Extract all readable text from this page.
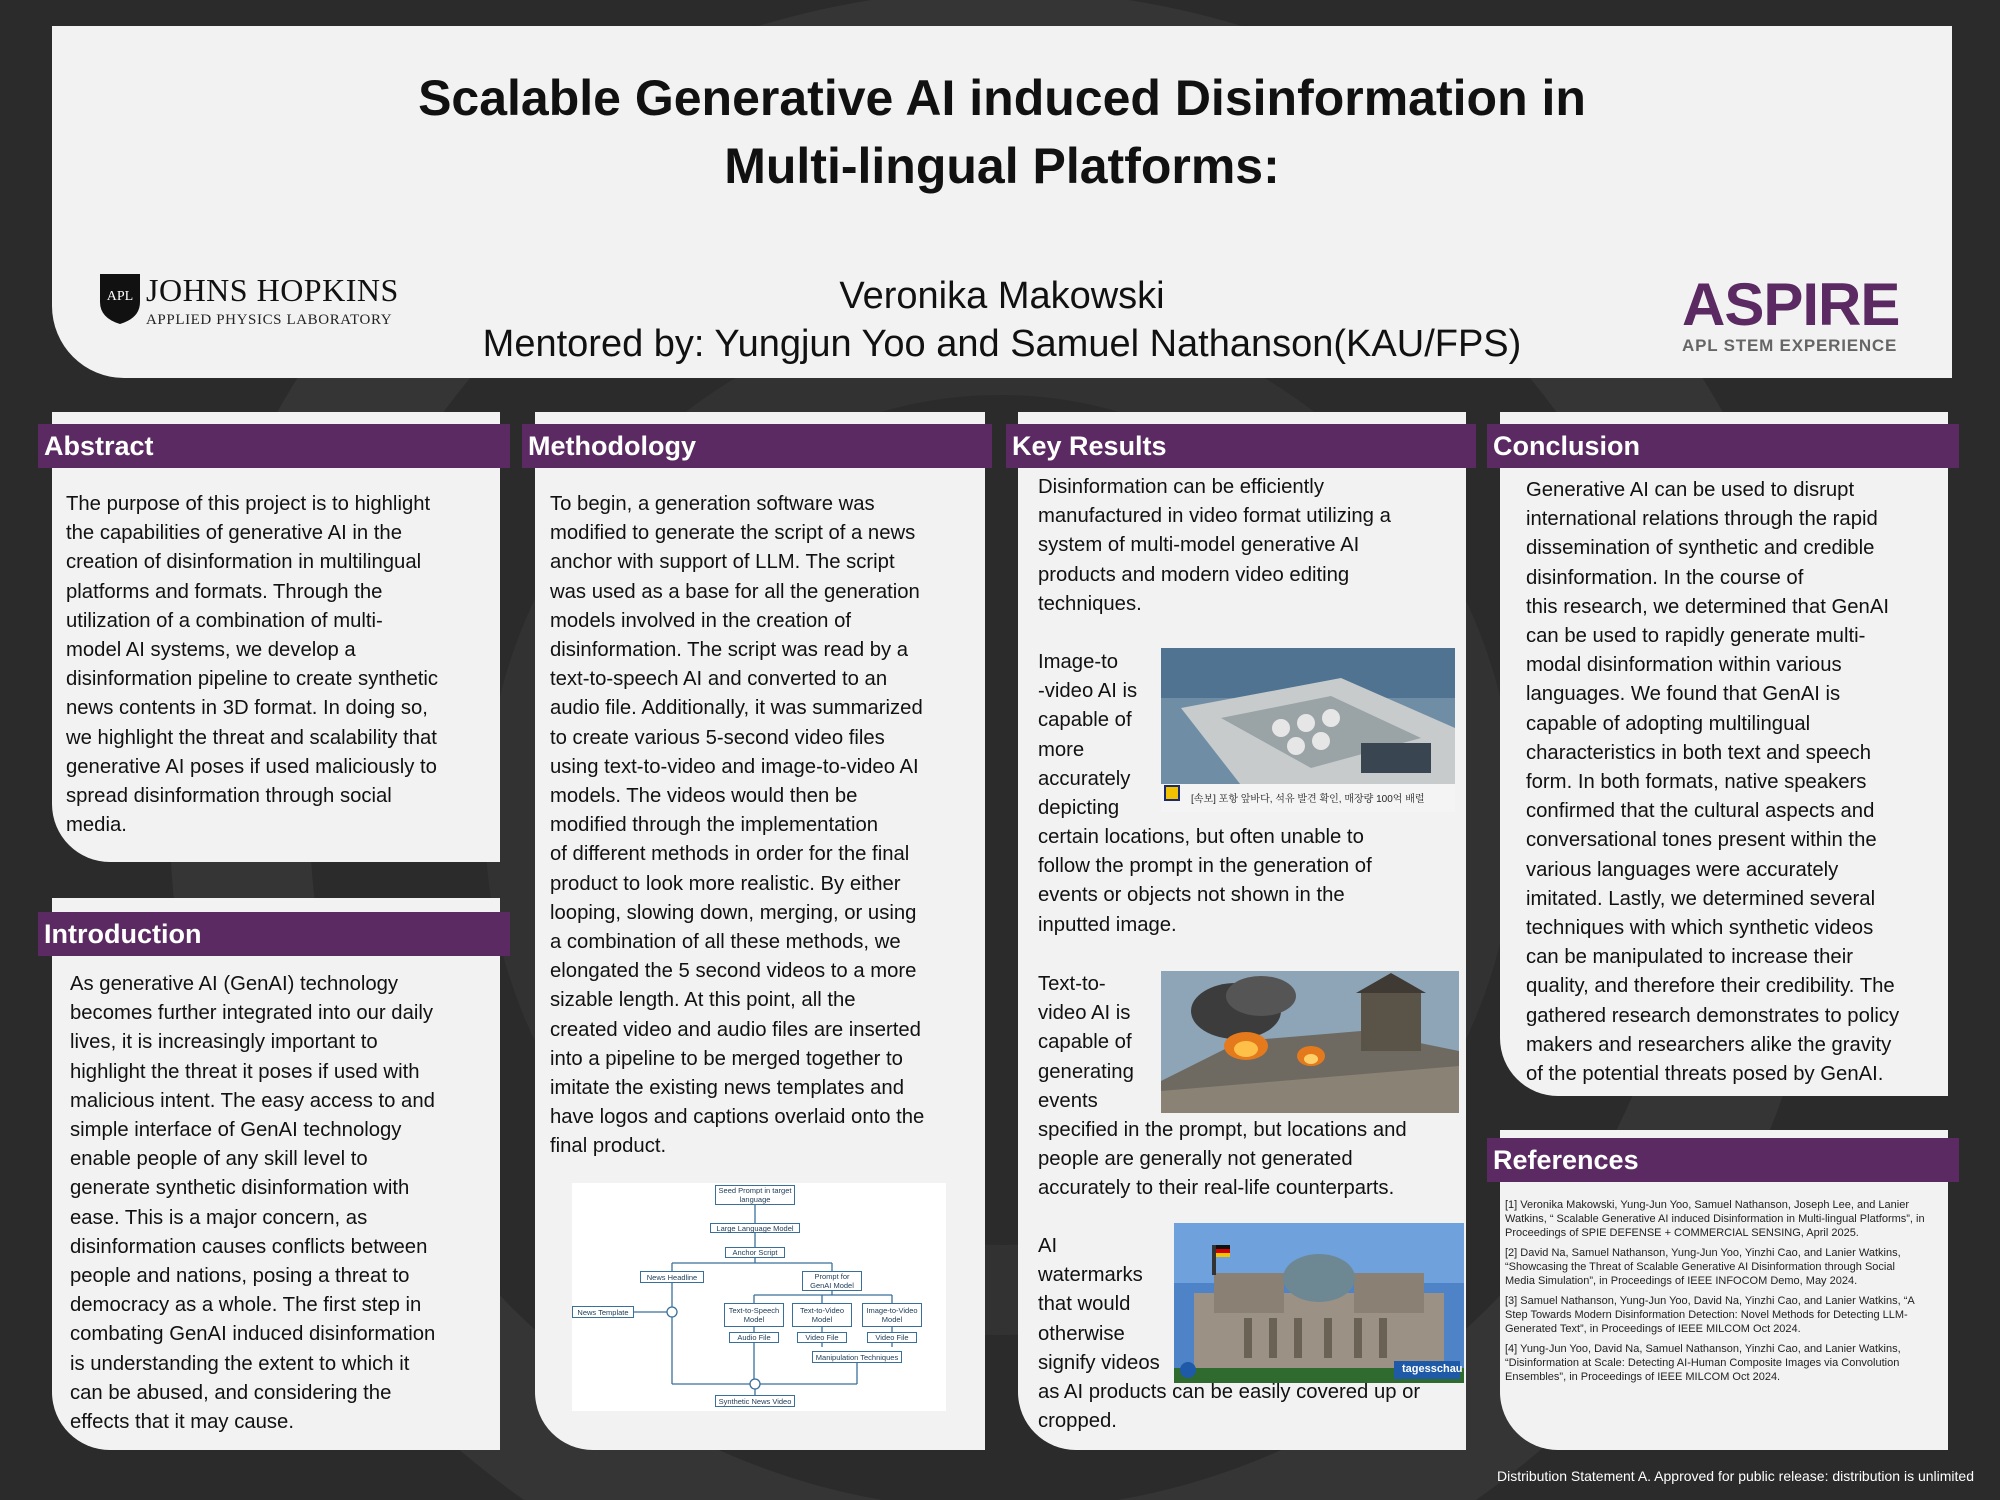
Scalable Generative AI induced Disinformation in
Multi-lingual Platforms:
Veronika Makowski
Mentored by: Yungjun Yoo and Samuel Nathanson(KAU/FPS)
APL JOHNS HOPKINS
APPLIED PHYSICS LABORATORY	ASPIRE
APL STEM EXPERIENCE
Abstract
The purpose of this project is to highlight
the capabilities of generative AI in the
creation of disinformation in multilingual
platforms and formats. Through the
utilization of a combination of multi-
model AI systems, we develop a
disinformation pipeline to create synthetic
news contents in 3D format. In doing so,
we highlight the threat and scalability that
generative AI poses if used maliciously to
spread disinformation through social
media.
Introduction
As generative AI (GenAI) technology
becomes further integrated into our daily
lives, it is increasingly important to
highlight the threat it poses if used with
malicious intent. The easy access to and
simple interface of GenAI technology
enable people of any skill level to
generate synthetic disinformation with
ease. This is a major concern, as
disinformation causes conflicts between
people and nations, posing a threat to
democracy as a whole. The first step in
combating GenAI induced disinformation
is understanding the extent to which it
can be abused, and considering the
effects that it may cause.
Methodology
To begin, a generation software was
modified to generate the script of a news
anchor with support of LLM. The script
was used as a base for all the generation
models involved in the creation of
disinformation. The script was read by a
text-to-speech AI and converted to an
audio file. Additionally, it was summarized
to create various 5-second video files
using text-to-video and image-to-video AI
models. The videos would then be
modified through the implementation
of different methods in order for the final
product to look more realistic. By either
looping, slowing down, merging, or using
a combination of all these methods, we
elongated the 5 second videos to a more
sizable length. At this point, all the
created video and audio files are inserted
into a pipeline to be merged together to
imitate the existing news templates and
have logos and captions overlaid onto the
final product.
Seed Prompt in target language
Large Language Model
Anchor Script
News Headline	Prompt for GenAI Model
News Template	Text-to-Speech Model
Text-to-Video Model
Image-to-Video Model
Audio File	Video File	Video File
Manipulation Techniques
Synthetic News Video
Key Results
Disinformation can be efficiently
manufactured in video format utilizing a
system of multi-model generative AI
products and modern video editing
techniques.
Image-to
-video AI is
capable of
more
accurately
depicting	[속보] 포항 앞바다, 석유 발견 확인, 매장량 100억 배럴
certain locations, but often unable to
follow the prompt in the generation of
events or objects not shown in the
inputted image.
Text-to-
video AI is
capable of
generating
events
specified in the prompt, but locations and
people are generally not generated
accurately to their real-life counterparts.
AI
watermarks
that would
otherwise
signify videos	tagesschau
as AI products can be easily covered up or
cropped.
Conclusion
Generative AI can be used to disrupt
international relations through the rapid
dissemination of synthetic and credible
disinformation. In the course of
this research, we determined that GenAI
can be used to rapidly generate multi-
modal disinformation within various
languages. We found that GenAI is
capable of adopting multilingual
characteristics in both text and speech
form. In both formats, native speakers
confirmed that the cultural aspects and
conversational tones present within the
various languages were accurately
imitated. Lastly, we determined several
techniques with which synthetic videos
can be manipulated to increase their
quality, and therefore their credibility. The
gathered research demonstrates to policy
makers and researchers alike the gravity
of the potential threats posed by GenAI.
References

[1] Veronika Makowski, Yung-Jun Yoo, Samuel Nathanson, Joseph Lee, and Lanier Watkins, “ Scalable Generative AI induced Disinformation in Multi-lingual Platforms”, in Proceedings of SPIE DEFENSE + COMMERCIAL SENSING, April 2025.

[2] David Na, Samuel Nathanson, Yung-Jun Yoo, Yinzhi Cao, and Lanier Watkins, “Showcasing the Threat of Scalable Generative AI Disinformation through Social Media Simulation”, in Proceedings of IEEE INFOCOM Demo, May 2024.

[3] Samuel Nathanson, Yung-Jun Yoo, David Na, Yinzhi Cao, and Lanier Watkins, “A Step Towards Modern Disinformation Detection: Novel Methods for Detecting LLM-Generated Text”, in Proceedings of IEEE MILCOM Oct 2024.

[4] Yung-Jun Yoo, David Na, Samuel Nathanson, Yinzhi Cao, and Lanier Watkins, “Disinformation at Scale: Detecting AI-Human Composite Images via Convolution Ensembles”, in Proceedings of IEEE MILCOM Oct 2024.

Distribution Statement A. Approved for public release: distribution is unlimited
